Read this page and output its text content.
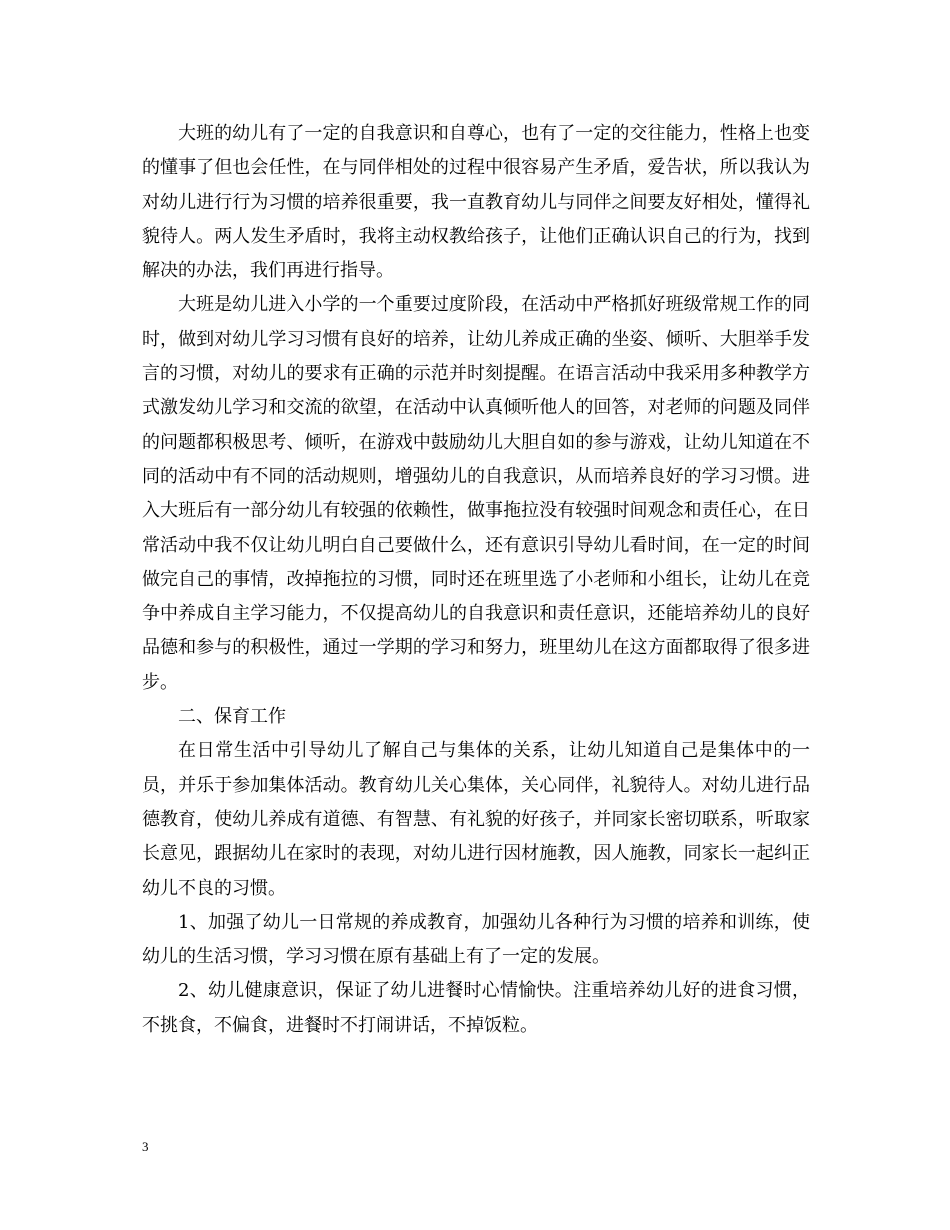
大班的幼儿有了一定的自我意识和自尊心，也有了一定的交往能力，性格上也变的懂事了但也会任性，在与同伴相处的过程中很容易产生矛盾，爱告状，所以我认为对幼儿进行行为习惯的培养很重要，我一直教育幼儿与同伴之间要友好相处，懂得礼貌待人。两人发生矛盾时，我将主动权教给孩子，让他们正确认识自己的行为，找到解决的办法，我们再进行指导。

大班是幼儿进入小学的一个重要过度阶段，在活动中严格抓好班级常规工作的同时，做到对幼儿学习习惯有良好的培养，让幼儿养成正确的坐姿、倾听、大胆举手发言的习惯，对幼儿的要求有正确的示范并时刻提醒。在语言活动中我采用多种教学方式激发幼儿学习和交流的欲望，在活动中认真倾听他人的回答，对老师的问题及同伴的问题都积极思考、倾听，在游戏中鼓励幼儿大胆自如的参与游戏，让幼儿知道在不同的活动中有不同的活动规则，增强幼儿的自我意识，从而培养良好的学习习惯。进入大班后有一部分幼儿有较强的依赖性，做事拖拉没有较强时间观念和责任心，在日常活动中我不仅让幼儿明白自己要做什么，还有意识引导幼儿看时间，在一定的时间做完自己的事情，改掉拖拉的习惯，同时还在班里选了小老师和小组长，让幼儿在竞争中养成自主学习能力，不仅提高幼儿的自我意识和责任意识，还能培养幼儿的良好品德和参与的积极性，通过一学期的学习和努力，班里幼儿在这方面都取得了很多进步。

二、保育工作

在日常生活中引导幼儿了解自己与集体的关系，让幼儿知道自己是集体中的一员，并乐于参加集体活动。教育幼儿关心集体，关心同伴，礼貌待人。对幼儿进行品德教育，使幼儿养成有道德、有智慧、有礼貌的好孩子，并同家长密切联系，听取家长意见，跟据幼儿在家时的表现，对幼儿进行因材施教，因人施教，同家长一起纠正幼儿不良的习惯。

1、加强了幼儿一日常规的养成教育，加强幼儿各种行为习惯的培养和训练，使幼儿的生活习惯，学习习惯在原有基础上有了一定的发展。

2、幼儿健康意识，保证了幼儿进餐时心情愉快。注重培养幼儿好的进食习惯，不挑食，不偏食，进餐时不打闹讲话，不掉饭粒。

3
